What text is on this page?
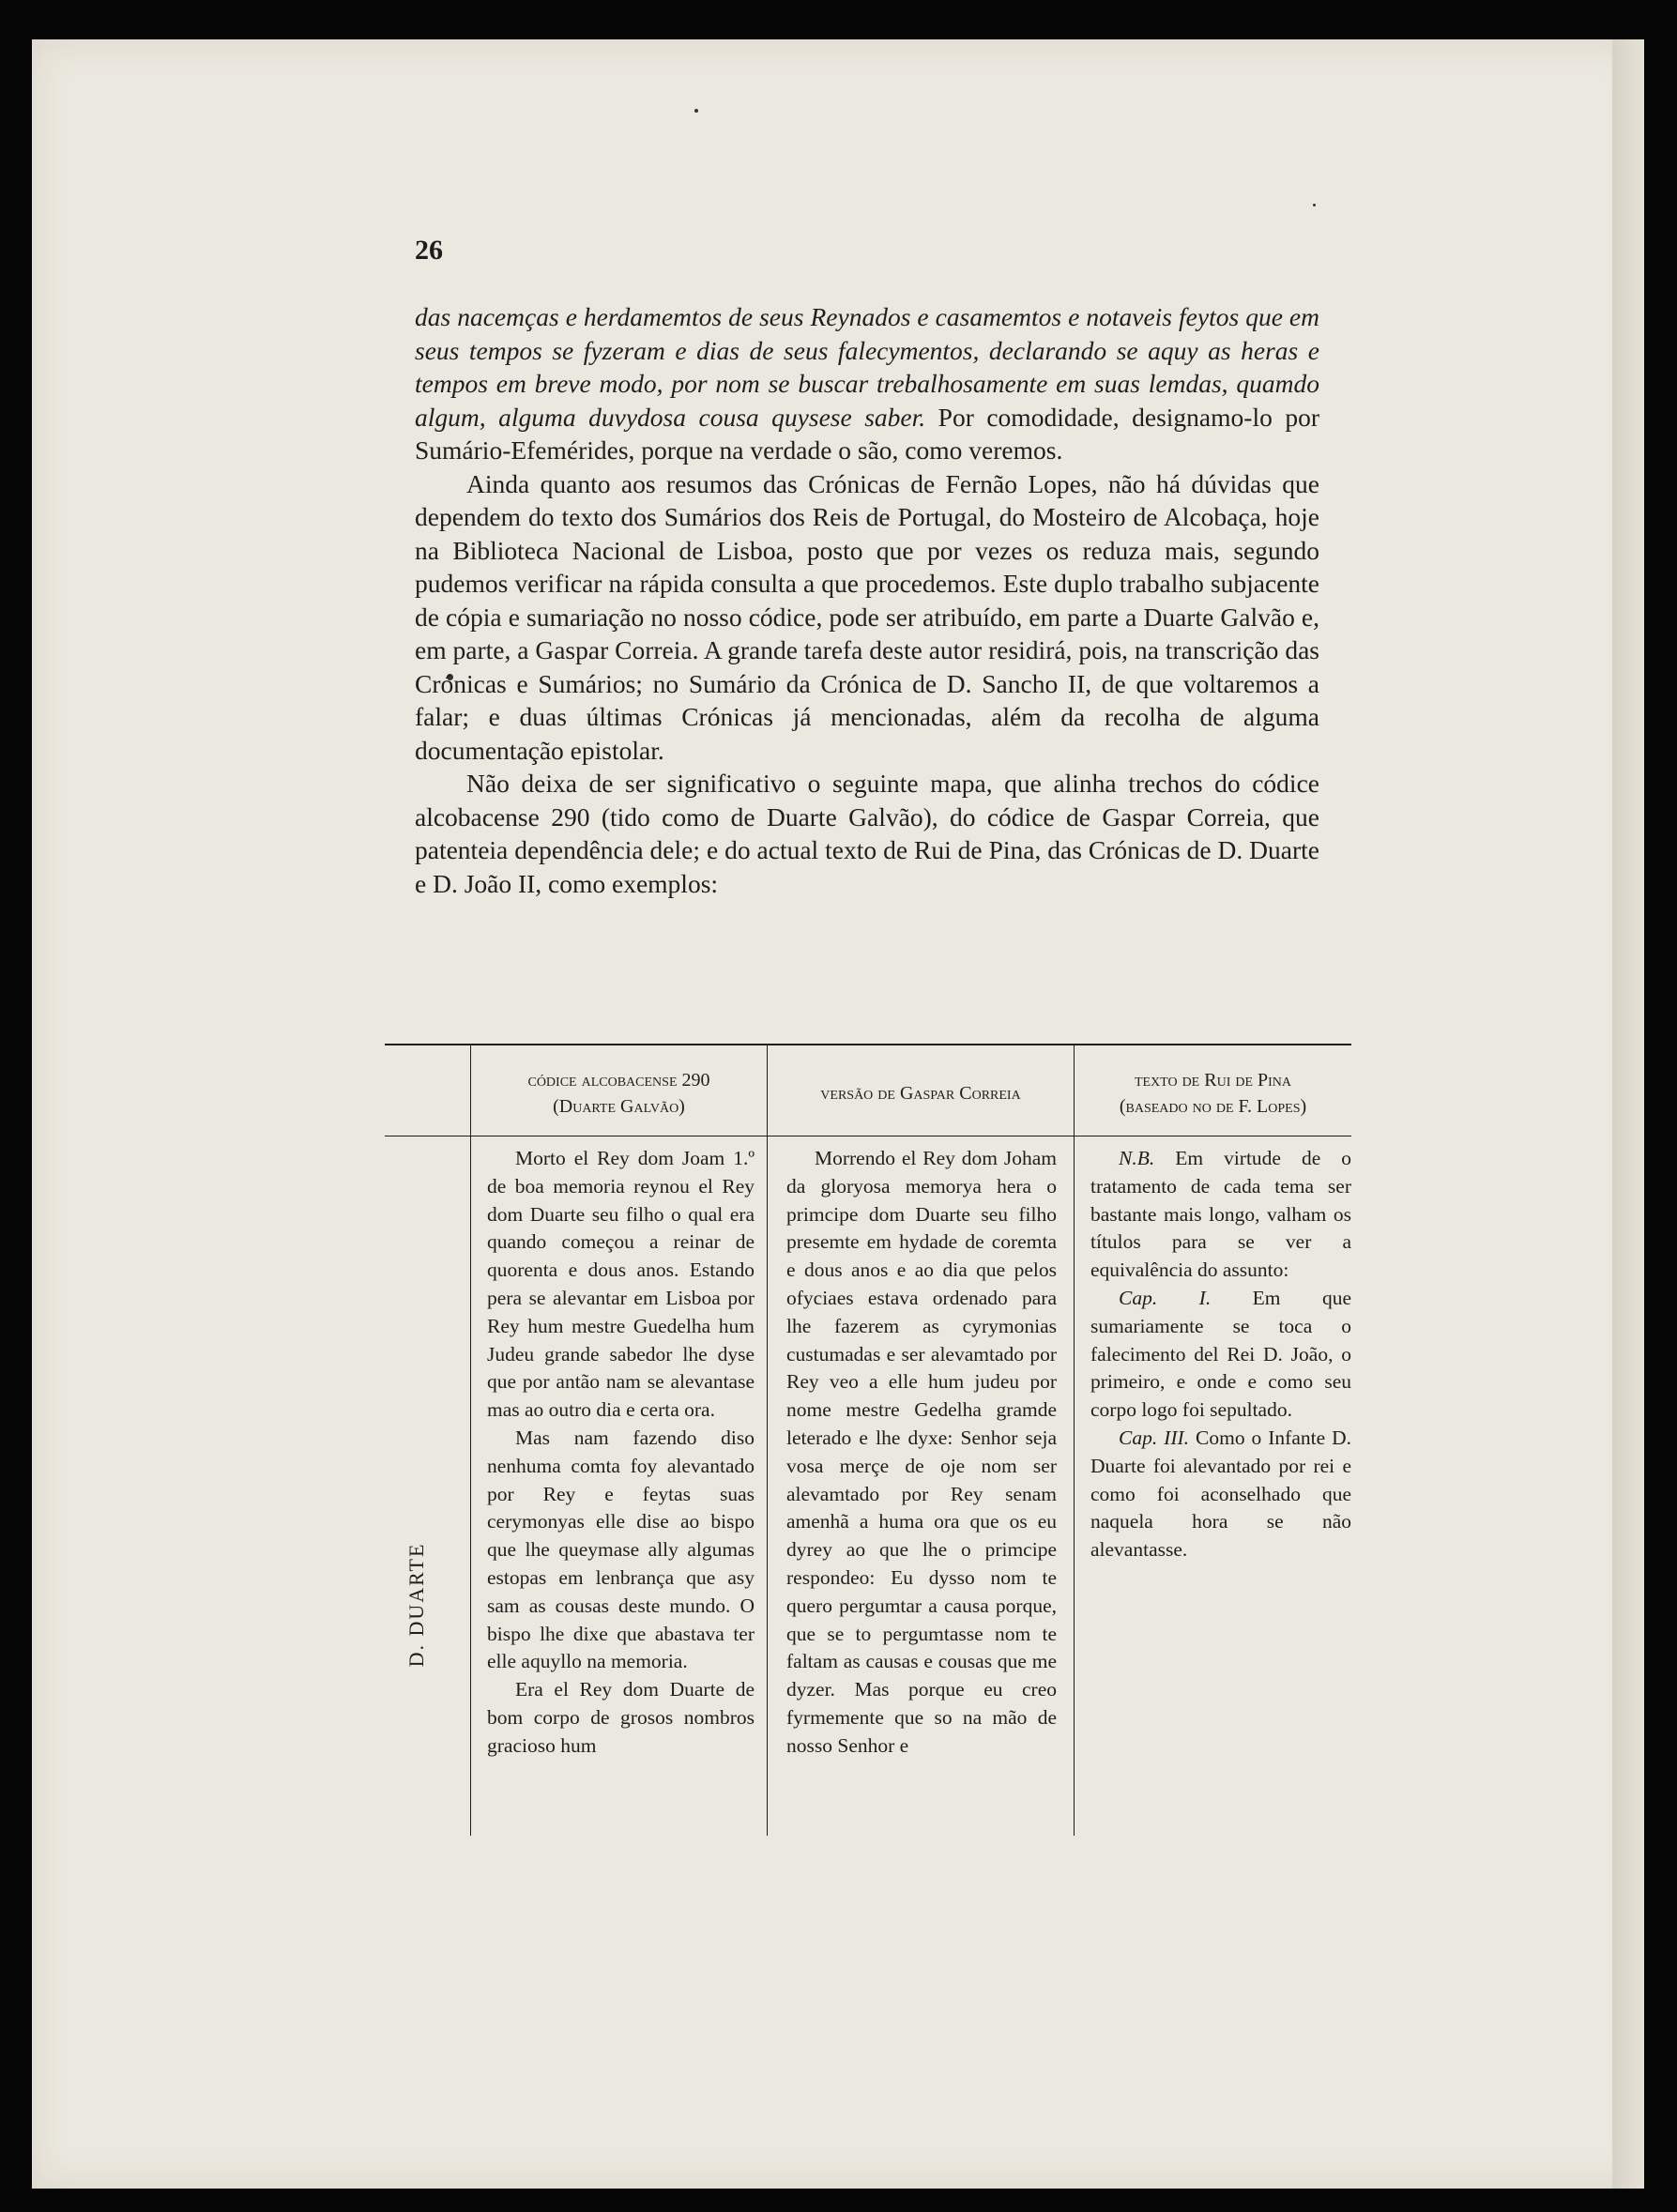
26

das nacemças e herdamemtos de seus Reynados e casamemtos e notaveis feytos que em seus tempos se fyzeram e dias de seus falecymentos, declarando se aquy as heras e tempos em breve modo, por nom se buscar trebalhosamente em suas lemdas, quamdo algum, alguma duvydosa cousa quysese saber. Por comodidade, designamo-lo por Sumário-Efemérides, porque na verdade o são, como veremos.

Ainda quanto aos resumos das Crónicas de Fernão Lopes, não há dúvidas que dependem do texto dos Sumários dos Reis de Portugal, do Mosteiro de Alcobaça, hoje na Biblioteca Nacional de Lisboa, posto que por vezes os reduza mais, segundo pudemos verificar na rápida consulta a que procedemos. Este duplo trabalho subjacente de cópia e sumariação no nosso códice, pode ser atribuído, em parte a Duarte Galvão e, em parte, a Gaspar Correia. A grande tarefa deste autor residirá, pois, na transcrição das Crónicas e Sumários; no Sumário da Crónica de D. Sancho II, de que voltaremos a falar; e duas últimas Crónicas já mencionadas, além da recolha de alguma documentação epistolar.

Não deixa de ser significativo o seguinte mapa, que alinha trechos do códice alcobacense 290 (tido como de Duarte Galvão), do códice de Gaspar Correia, que patenteia dependência dele; e do actual texto de Rui de Pina, das Crónicas de D. Duarte e D. João II, como exemplos:

códice alcobacense 290
(Duarte Galvão)
versão de Gaspar Correia
texto de Rui de Pina
(baseado no de F. Lopes)
D. DUARTE

Morto el Rey dom Joam 1.º de boa memoria reynou el Rey dom Duarte seu filho o qual era quando começou a reinar de quorenta e dous anos. Estando pera se alevantar em Lisboa por Rey hum mestre Guedelha hum Judeu grande sabedor lhe dyse que por antão nam se alevantase mas ao outro dia e certa ora.

Mas nam fazendo diso nenhuma comta foy alevantado por Rey e feytas suas cerymonyas elle dise ao bispo que lhe queymase ally algumas estopas em lenbrança que asy sam as cousas deste mundo. O bispo lhe dixe que abastava ter elle aquyllo na memoria.

Era el Rey dom Duarte de bom corpo de grosos nombros gracioso hum

Morrendo el Rey dom Joham da gloryosa memorya hera o primcipe dom Duarte seu filho presemte em hydade de coremta e dous anos e ao dia que pelos ofyciaes estava ordenado para lhe fazerem as cyrymonias custumadas e ser alevamtado por Rey veo a elle hum judeu por nome mestre Gedelha gramde leterado e lhe dyxe: Senhor seja vosa merçe de oje nom ser alevamtado por Rey senam amenhã a huma ora que os eu dyrey ao que lhe o primcipe respondeo: Eu dysso nom te quero pergumtar a causa porque, que se to pergumtasse nom te faltam as causas e cousas que me dyzer. Mas porque eu creo fyrmemente que so na mão de nosso Senhor e

N.B. Em virtude de o tratamento de cada tema ser bastante mais longo, valham os títulos para se ver a equivalência do assunto:

Cap. I. Em que sumariamente se toca o falecimento del Rei D. João, o primeiro, e onde e como seu corpo logo foi sepultado.

Cap. III. Como o Infante D. Duarte foi alevantado por rei e como foi aconselhado que naquela hora se não alevantasse.
